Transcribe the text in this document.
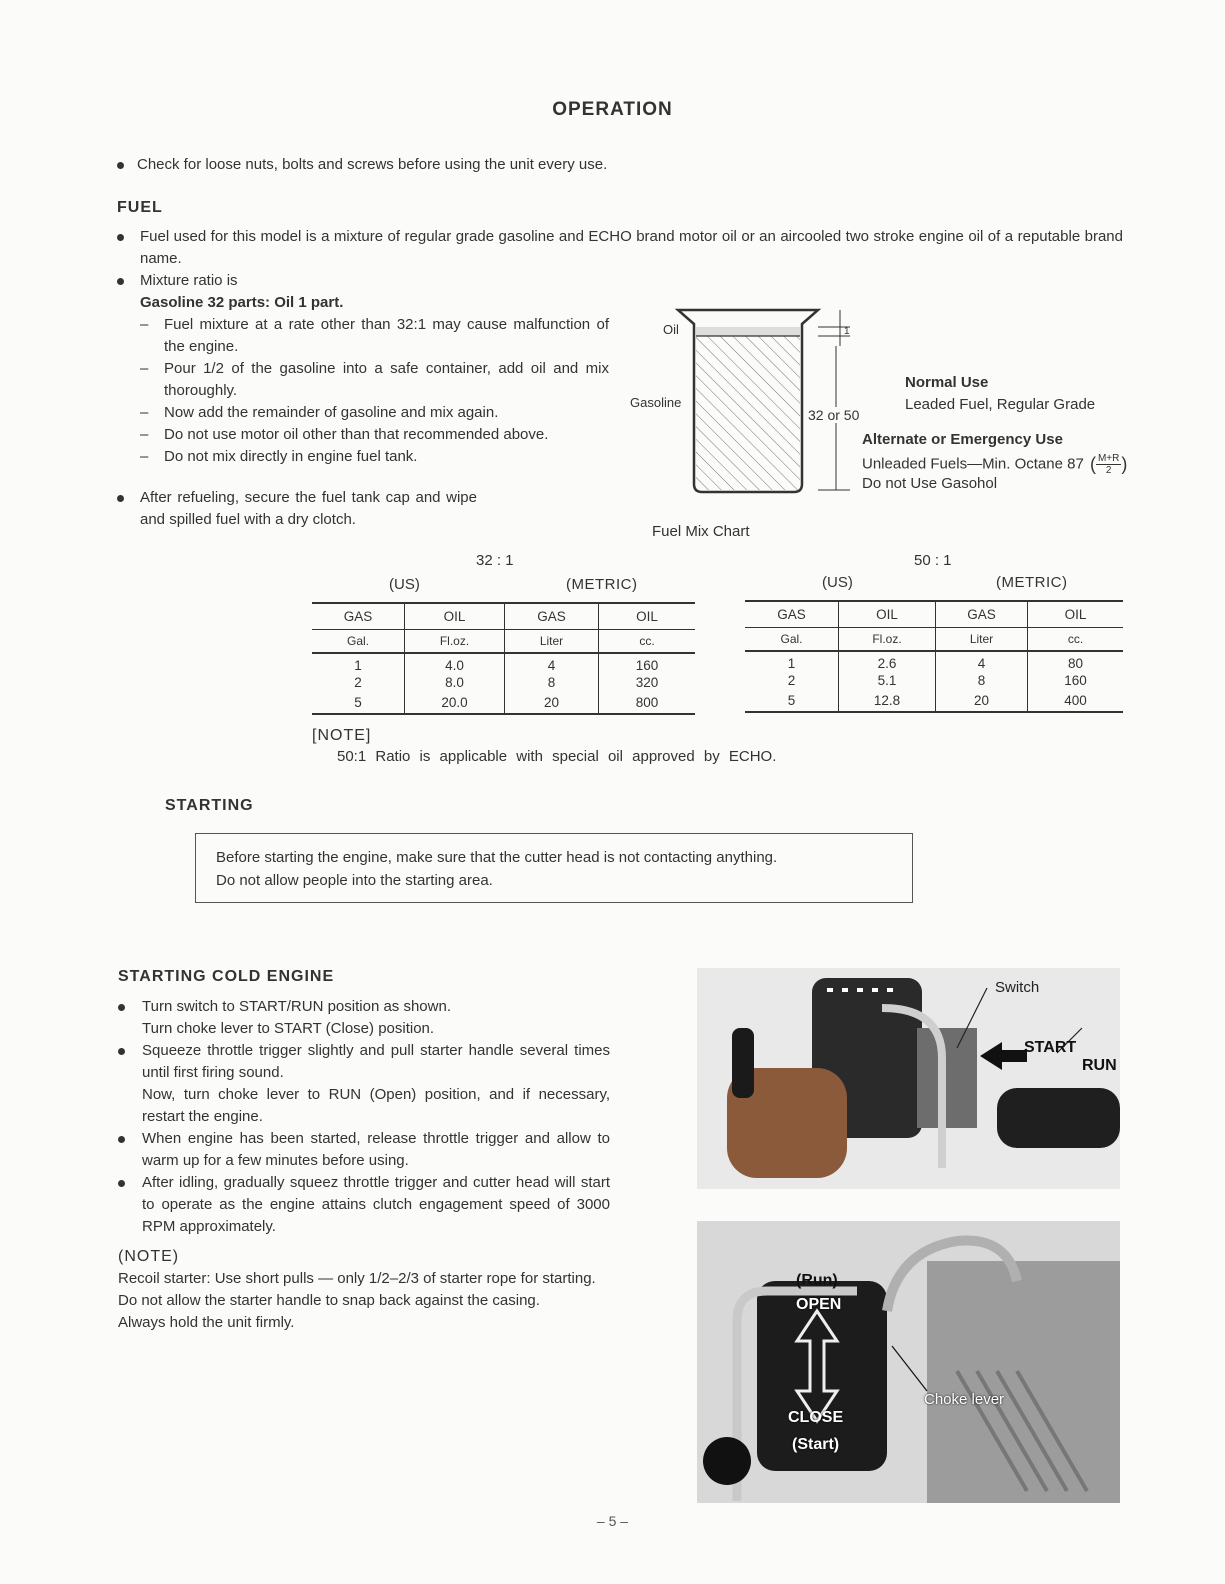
OPERATION
Check for loose nuts, bolts and screws before using the unit every use.
FUEL
Fuel used for this model is a mixture of regular grade gasoline and ECHO brand motor oil or an aircooled two stroke engine oil of a reputable brand name.
Mixture ratio is
Gasoline 32 parts: Oil 1 part.
– Fuel mixture at a rate other than 32:1 may cause malfunction of the engine.
– Pour 1/2 of the gasoline into a safe container, add oil and mix thoroughly.
– Now add the remainder of gasoline and mix again.
– Do not use motor oil other than that recommended above.
– Do not mix directly in engine fuel tank.
After refueling, secure the fuel tank cap and wipe and spilled fuel with a dry clotch.
Oil
Gasoline
32 or 50
1
Fuel Mix Chart
Normal Use
Leaded Fuel, Regular Grade
Alternate or Emergency Use
Unleaded Fuels—Min. Octane 87 ( $\frac{M+R}{2}$ )
Do not Use Gasohol
32 : 1
(US)	(METRIC)
GAS	OIL	GAS	OIL
Gal.	Fl.oz.	Liter	cc.
1	4.0	4	160
2	8.0	8	320
5	20.0	20	800
50 : 1
(US)	(METRIC)
GAS	OIL	GAS	OIL
Gal.	Fl.oz.	Liter	cc.
1	2.6	4	80
2	5.1	8	160
5	12.8	20	400
[NOTE]
50:1 Ratio is applicable with special oil approved by ECHO.
STARTING
Before starting the engine, make sure that the cutter head is not contacting anything.
Do not allow people into the starting area.
STARTING COLD ENGINE
Turn switch to START/RUN position as shown.
Turn choke lever to START (Close) position.
Squeeze throttle trigger slightly and pull starter handle several times until first firing sound.
Now, turn choke lever to RUN (Open) position, and if necessary, restart the engine.
When engine has been started, release throttle trigger and allow to warm up for a few minutes before using.
After idling, gradually squeez throttle trigger and cutter head will start to operate as the engine attains clutch engagement speed of 3000 RPM approximately.
(NOTE)
Recoil starter: Use short pulls — only 1/2–2/3 of starter rope for starting.
Do not allow the starter handle to snap back against the casing.
Always hold the unit firmly.
Switch
START
RUN
(Run)
OPEN
CLOSE
(Start)
Choke lever
– 5 –
